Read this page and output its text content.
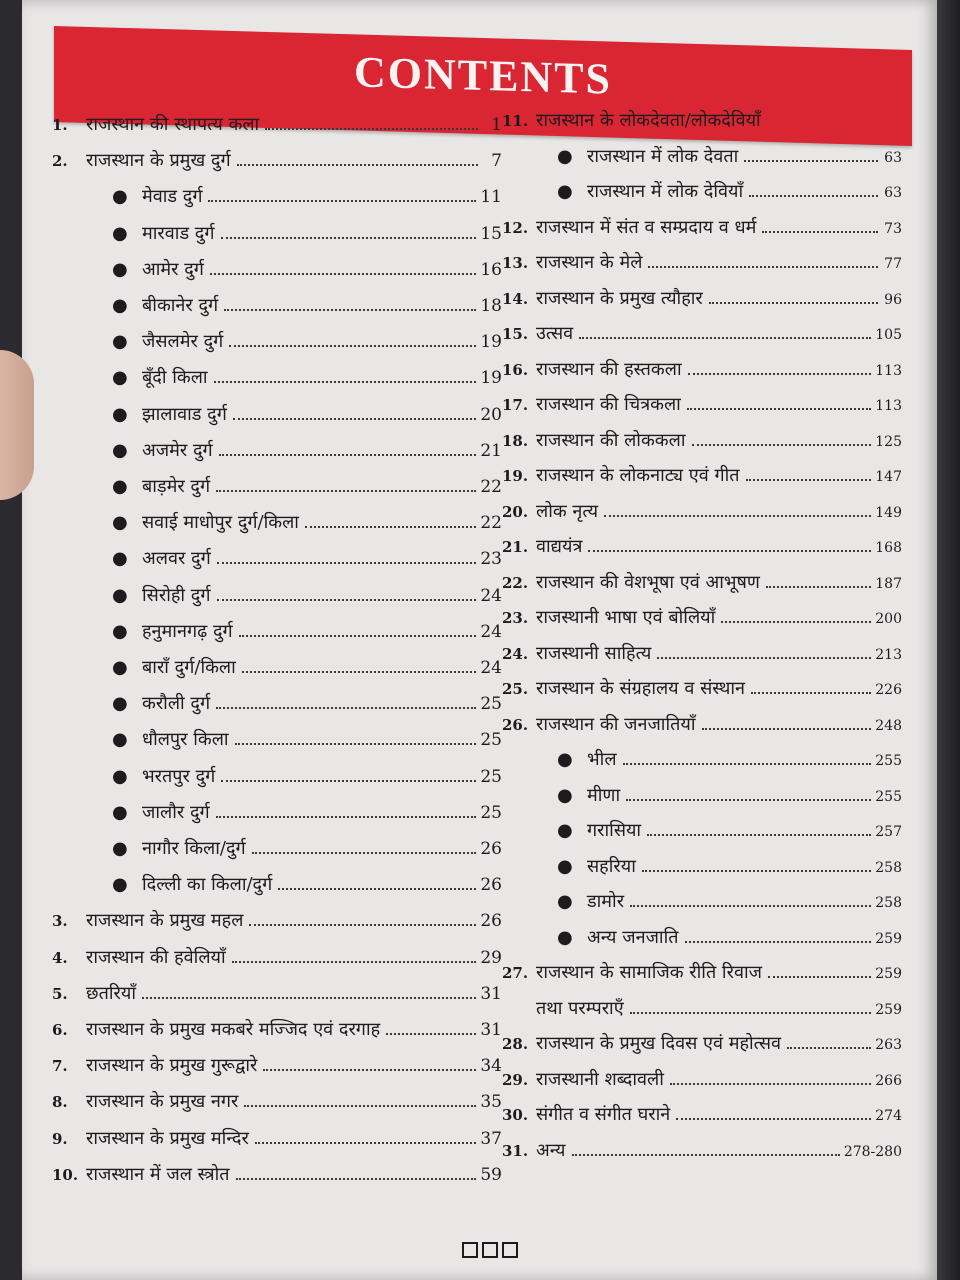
CONTENTS
1.	राजस्थान की स्थापत्य कला	1
2.	राजस्थान के प्रमुख दुर्ग	7
● मेवाड दुर्ग	11
● मारवाड दुर्ग	15
● आमेर दुर्ग	16
● बीकानेर दुर्ग	18
● जैसलमेर दुर्ग	19
● बूँदी किला	19
● झालावाड दुर्ग	20
● अजमेर दुर्ग	21
● बाड़मेर दुर्ग	22
● सवाई माधोपुर दुर्ग/किला	22
● अलवर दुर्ग	23
● सिरोही दुर्ग	24
● हनुमानगढ़ दुर्ग	24
● बाराँ दुर्ग/किला	24
● करौली दुर्ग	25
● धौलपुर किला	25
● भरतपुर दुर्ग	25
● जालौर दुर्ग	25
● नागौर किला/दुर्ग	26
● दिल्ली का किला/दुर्ग	26
3.	राजस्थान के प्रमुख महल	26
4.	राजस्थान की हवेलियाँ	29
5.	छतरियाँ	31
6.	राजस्थान के प्रमुख मकबरे मज्जिद एवं दरगाह	31
7.	राजस्थान के प्रमुख गुरूद्वारे	34
8.	राजस्थान के प्रमुख नगर	35
9.	राजस्थान के प्रमुख मन्दिर	37
10. राजस्थान में जल स्त्रोत	59
11. राजस्थान के लोकदेवता/लोकदेवियाँ
● राजस्थान में लोक देवता	63
● राजस्थान में लोक देवियाँ	63
12. राजस्थान में संत व सम्प्रदाय व धर्म	73
13. राजस्थान के मेले	77
14. राजस्थान के प्रमुख त्यौहार	96
15. उत्सव	105
16. राजस्थान की हस्तकला	113
17. राजस्थान की चित्रकला	113
18. राजस्थान की लोककला	125
19. राजस्थान के लोकनाट्य एवं गीत	147
20. लोक नृत्य	149
21. वाद्ययंत्र	168
22. राजस्थान की वेशभूषा एवं आभूषण	187
23. राजस्थानी भाषा एवं बोलियाँ	200
24. राजस्थानी साहित्य	213
25. राजस्थान के संग्रहालय व संस्थान	226
26. राजस्थान की जनजातियाँ	248
● भील	255
● मीणा	255
● गरासिया	257
● सहरिया	258
● डामोर	258
● अन्य जनजाति	259
27. राजस्थान के सामाजिक रीति रिवाज	259
तथा परम्पराएँ	259
28. राजस्थान के प्रमुख दिवस एवं महोत्सव	263
29. राजस्थानी शब्दावली	266
30. संगीत व संगीत घराने	274
31. अन्य	278-280
